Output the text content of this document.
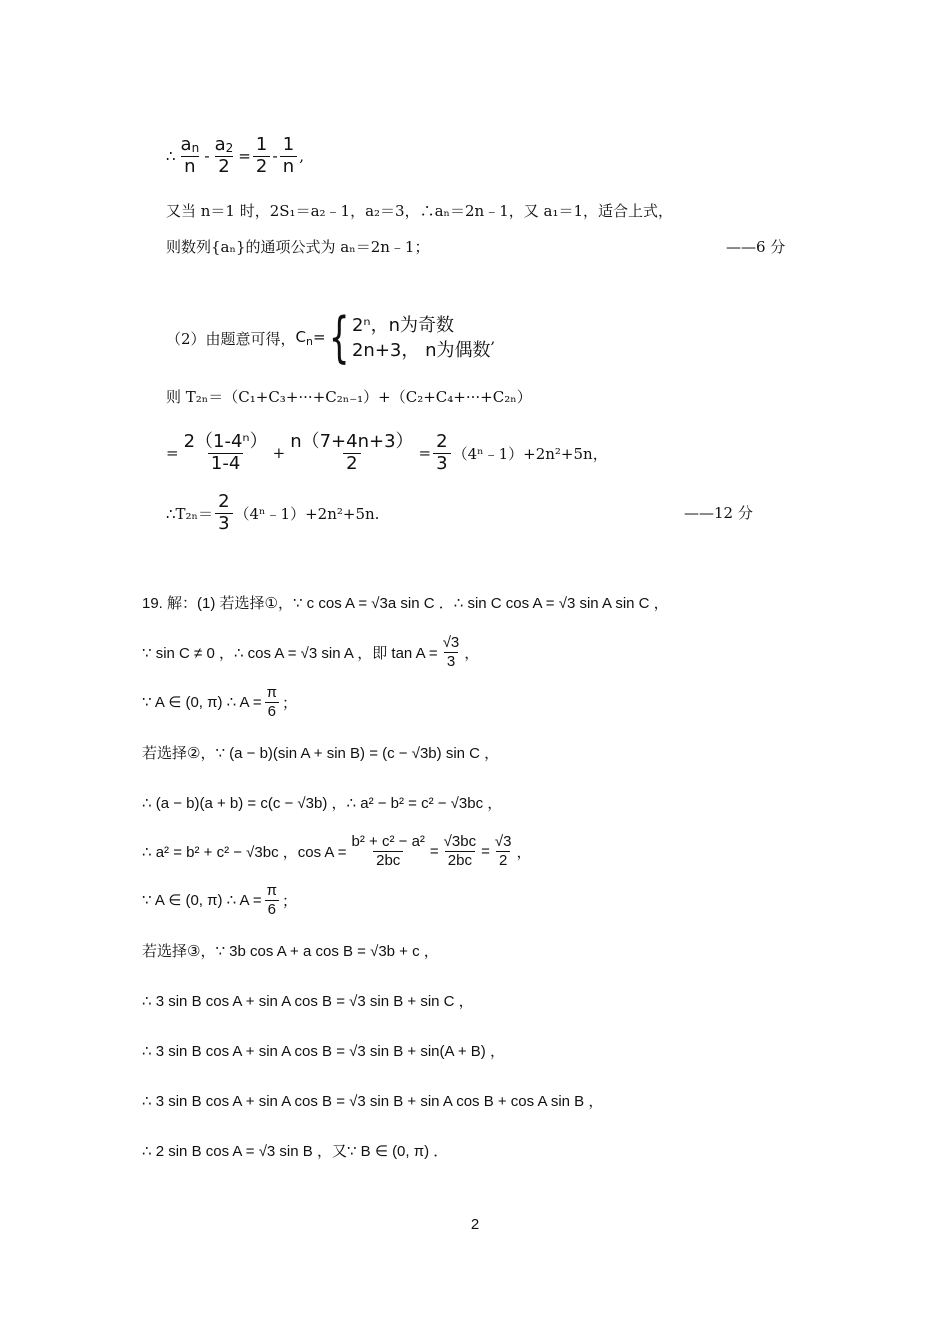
∴ $\frac{an}{n} - \frac{a2}{2} = \frac{1}{2} - \frac{1}{n}$ ,
又当 n＝1 时，2S₁＝a₂﹣1，a₂＝3，∴aₙ＝2n﹣1，又 a₁＝1，适合上式，
则数列{aₙ}的通项公式为 aₙ＝2n﹣1；	——6 分
（2）由题意可得， $C_n=$ { 2ⁿ，n为奇数
2n+3， n为偶数
,
则 T₂ₙ＝（C₁+C₃+···+C₂ₙ₋₁）+（C₂+C₄+···+C₂ₙ）
= $\frac{\text{2（1-4ⁿ）}}{1-4} + \frac{n(7+4n+3)}{2} = \frac{2}{3}$ （4ⁿ﹣1）+2n²+5n，
∴T₂ₙ＝ $\frac{2}{3}$ （4ⁿ﹣1）+2n²+5n.	——12 分
19. 解：(1) 若选择①，∵ c cos A = √3a sin C ．∴ sin C cos A = √3 sin A sin C ，
∵ sin C ≠ 0 ，∴ cos A = √3 sin A ，即 $\tan A = \frac{√3}{3}$ ，
∵ A ∈ (0, π) ∴ $A = \frac{\pi}{6}$ ；
若选择②，∵ (a − b)(sin A + sin B) = (c − √3b) sin C ，
∴ (a − b)(a + b) = c(c − √3b) ，∴ a² − b² = c² − √3bc ，
∴ a² = b² + c² − √3bc ，$\cos A = \frac{\text{b² + c² − a²}}{2bc} = \frac{√3bc}{2bc} = \frac{√3}{2}$ ，
∵ A ∈ (0, π) ∴ $A = \frac{\pi}{6}$ ；
若选择③，∵ 3b cos A + a cos B = √3b + c ，
∴ 3 sin B cos A + sin A cos B = √3 sin B + sin C ，
∴ 3 sin B cos A + sin A cos B = √3 sin B + sin(A + B) ，
∴ 3 sin B cos A + sin A cos B = √3 sin B + sin A cos B + cos A sin B ，
∴ 2 sin B cos A = √3 sin B ，又∵ B ∈ (0, π) ．
2
